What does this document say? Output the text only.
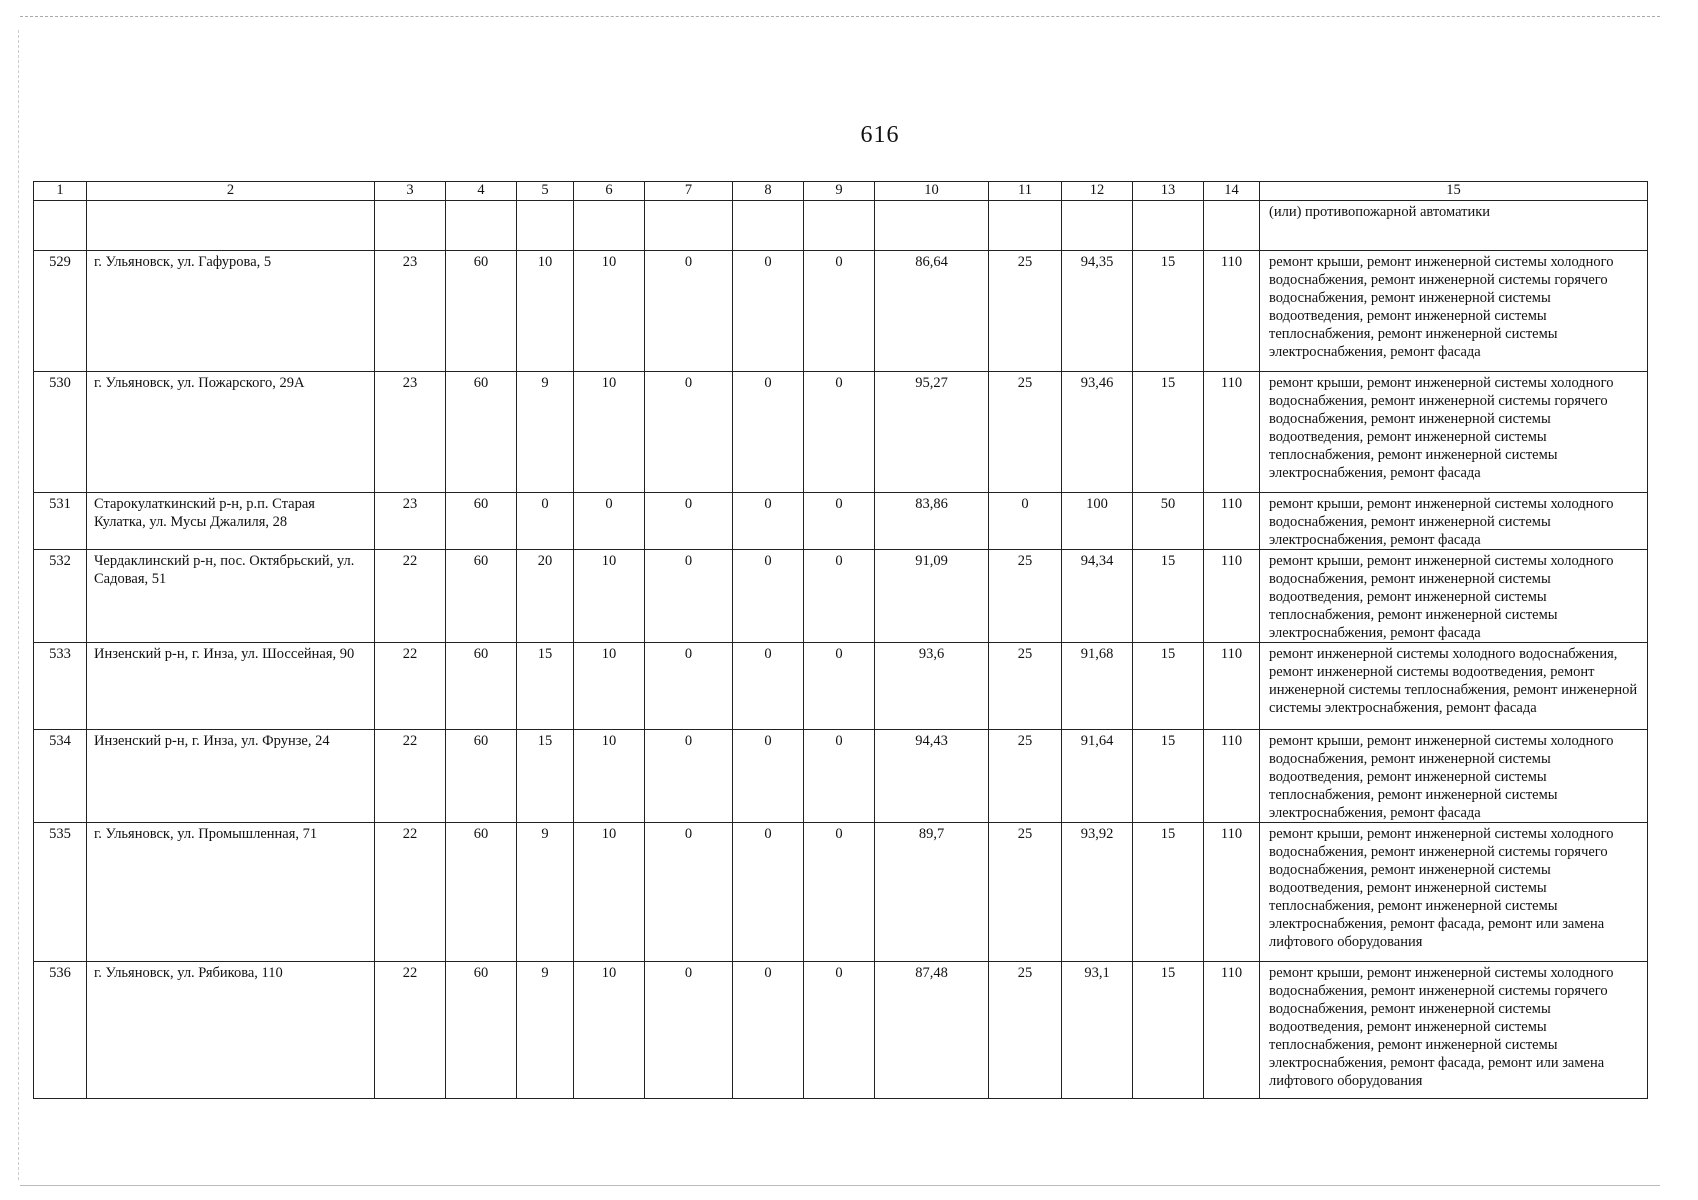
616
1	2	3	4	5	6	7	8	9	10	11	12	13	14	15
														(или) противопожарной автоматики
529	г. Ульяновск, ул. Гафурова, 5	23	60	10	10	0	0	0	86,64	25	94,35	15	110	ремонт крыши, ремонт инженерной системы холодного водоснабжения, ремонт инженерной системы горячего водоснабжения, ремонт инженерной системы водоотведения, ремонт инженерной системы теплоснабжения, ремонт инженерной системы электроснабжения, ремонт фасада
530	г. Ульяновск, ул. Пожарского, 29А	23	60	9	10	0	0	0	95,27	25	93,46	15	110	ремонт крыши, ремонт инженерной системы холодного водоснабжения, ремонт инженерной системы горячего водоснабжения, ремонт инженерной системы водоотведения, ремонт инженерной системы теплоснабжения, ремонт инженерной системы электроснабжения, ремонт фасада
531	Старокулаткинский р-н, р.п. Старая Кулатка, ул. Мусы Джалиля, 28	23	60	0	0	0	0	0	83,86	0	100	50	110	ремонт крыши, ремонт инженерной системы холодного водоснабжения, ремонт инженерной системы электроснабжения, ремонт фасада
532	Чердаклинский р-н, пос. Октябрьский, ул. Садовая, 51	22	60	20	10	0	0	0	91,09	25	94,34	15	110	ремонт крыши, ремонт инженерной системы холодного водоснабжения, ремонт инженерной системы водоотведения, ремонт инженерной системы теплоснабжения, ремонт инженерной системы электроснабжения, ремонт фасада
533	Инзенский р-н, г. Инза, ул. Шоссейная, 90	22	60	15	10	0	0	0	93,6	25	91,68	15	110	ремонт инженерной системы холодного водоснабжения, ремонт инженерной системы водоотведения, ремонт инженерной системы теплоснабжения, ремонт инженерной системы электроснабжения, ремонт фасада
534	Инзенский р-н, г. Инза, ул. Фрунзе, 24	22	60	15	10	0	0	0	94,43	25	91,64	15	110	ремонт крыши, ремонт инженерной системы холодного водоснабжения, ремонт инженерной системы водоотведения, ремонт инженерной системы теплоснабжения, ремонт инженерной системы электроснабжения, ремонт фасада
535	г. Ульяновск, ул. Промышленная, 71	22	60	9	10	0	0	0	89,7	25	93,92	15	110	ремонт крыши, ремонт инженерной системы холодного водоснабжения, ремонт инженерной системы горячего водоснабжения, ремонт инженерной системы водоотведения, ремонт инженерной системы теплоснабжения, ремонт инженерной системы электроснабжения, ремонт фасада, ремонт или замена лифтового оборудования
536	г. Ульяновск, ул. Рябикова, 110	22	60	9	10	0	0	0	87,48	25	93,1	15	110	ремонт крыши, ремонт инженерной системы холодного водоснабжения, ремонт инженерной системы горячего водоснабжения, ремонт инженерной системы водоотведения, ремонт инженерной системы теплоснабжения, ремонт инженерной системы электроснабжения, ремонт фасада, ремонт или замена лифтового оборудования
